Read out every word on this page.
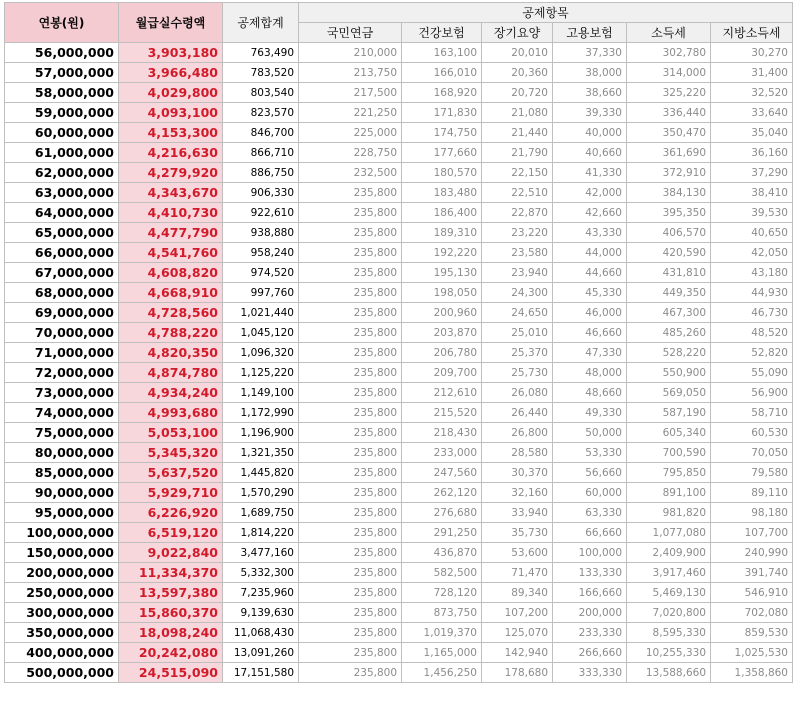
연봉(원)	월급실수령액	공제합계	공제항목					
			국민연금	건강보험	장기요양	고용보험	소득세	지방소득세
56,000,000	3,903,180	763,490	210,000	163,100	20,010	37,330	302,780	30,270
57,000,000	3,966,480	783,520	213,750	166,010	20,360	38,000	314,000	31,400
58,000,000	4,029,800	803,540	217,500	168,920	20,720	38,660	325,220	32,520
59,000,000	4,093,100	823,570	221,250	171,830	21,080	39,330	336,440	33,640
60,000,000	4,153,300	846,700	225,000	174,750	21,440	40,000	350,470	35,040
61,000,000	4,216,630	866,710	228,750	177,660	21,790	40,660	361,690	36,160
62,000,000	4,279,920	886,750	232,500	180,570	22,150	41,330	372,910	37,290
63,000,000	4,343,670	906,330	235,800	183,480	22,510	42,000	384,130	38,410
64,000,000	4,410,730	922,610	235,800	186,400	22,870	42,660	395,350	39,530
65,000,000	4,477,790	938,880	235,800	189,310	23,220	43,330	406,570	40,650
66,000,000	4,541,760	958,240	235,800	192,220	23,580	44,000	420,590	42,050
67,000,000	4,608,820	974,520	235,800	195,130	23,940	44,660	431,810	43,180
68,000,000	4,668,910	997,760	235,800	198,050	24,300	45,330	449,350	44,930
69,000,000	4,728,560	1,021,440	235,800	200,960	24,650	46,000	467,300	46,730
70,000,000	4,788,220	1,045,120	235,800	203,870	25,010	46,660	485,260	48,520
71,000,000	4,820,350	1,096,320	235,800	206,780	25,370	47,330	528,220	52,820
72,000,000	4,874,780	1,125,220	235,800	209,700	25,730	48,000	550,900	55,090
73,000,000	4,934,240	1,149,100	235,800	212,610	26,080	48,660	569,050	56,900
74,000,000	4,993,680	1,172,990	235,800	215,520	26,440	49,330	587,190	58,710
75,000,000	5,053,100	1,196,900	235,800	218,430	26,800	50,000	605,340	60,530
80,000,000	5,345,320	1,321,350	235,800	233,000	28,580	53,330	700,590	70,050
85,000,000	5,637,520	1,445,820	235,800	247,560	30,370	56,660	795,850	79,580
90,000,000	5,929,710	1,570,290	235,800	262,120	32,160	60,000	891,100	89,110
95,000,000	6,226,920	1,689,750	235,800	276,680	33,940	63,330	981,820	98,180
100,000,000	6,519,120	1,814,220	235,800	291,250	35,730	66,660	1,077,080	107,700
150,000,000	9,022,840	3,477,160	235,800	436,870	53,600	100,000	2,409,900	240,990
200,000,000	11,334,370	5,332,300	235,800	582,500	71,470	133,330	3,917,460	391,740
250,000,000	13,597,380	7,235,960	235,800	728,120	89,340	166,660	5,469,130	546,910
300,000,000	15,860,370	9,139,630	235,800	873,750	107,200	200,000	7,020,800	702,080
350,000,000	18,098,240	11,068,430	235,800	1,019,370	125,070	233,330	8,595,330	859,530
400,000,000	20,242,080	13,091,260	235,800	1,165,000	142,940	266,660	10,255,330	1,025,530
500,000,000	24,515,090	17,151,580	235,800	1,456,250	178,680	333,330	13,588,660	1,358,860
